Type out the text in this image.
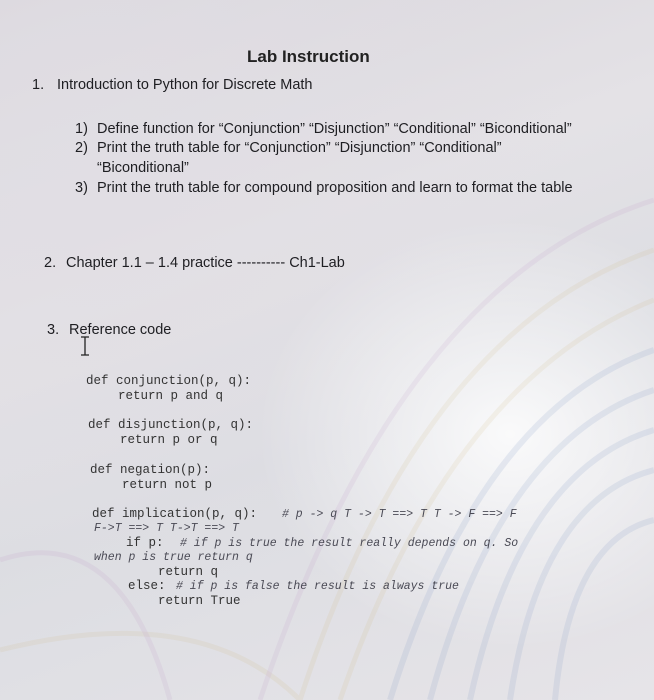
Lab Instruction
1. Introduction to Python for Discrete Math
1) Define function for “Conjunction” “Disjunction” “Conditional” “Biconditional”
2) Print the truth table for “Conjunction” “Disjunction” “Conditional”
“Biconditional”
3) Print the truth table for compound proposition and learn to format the table
2. Chapter 1.1 – 1.4 practice ---------- Ch1-Lab
3. Reference code
def conjunction(p, q):
return p and q
def disjunction(p, q):
return p or q
def negation(p):
return not p
def implication(p, q): # p -> q T -> T ==> T T -> F ==> F
F->T ==> T T->T ==> T
if p: # if p is true the result really depends on q. So
when p is true return q
return q
else: # if p is false the result is always true
return True
